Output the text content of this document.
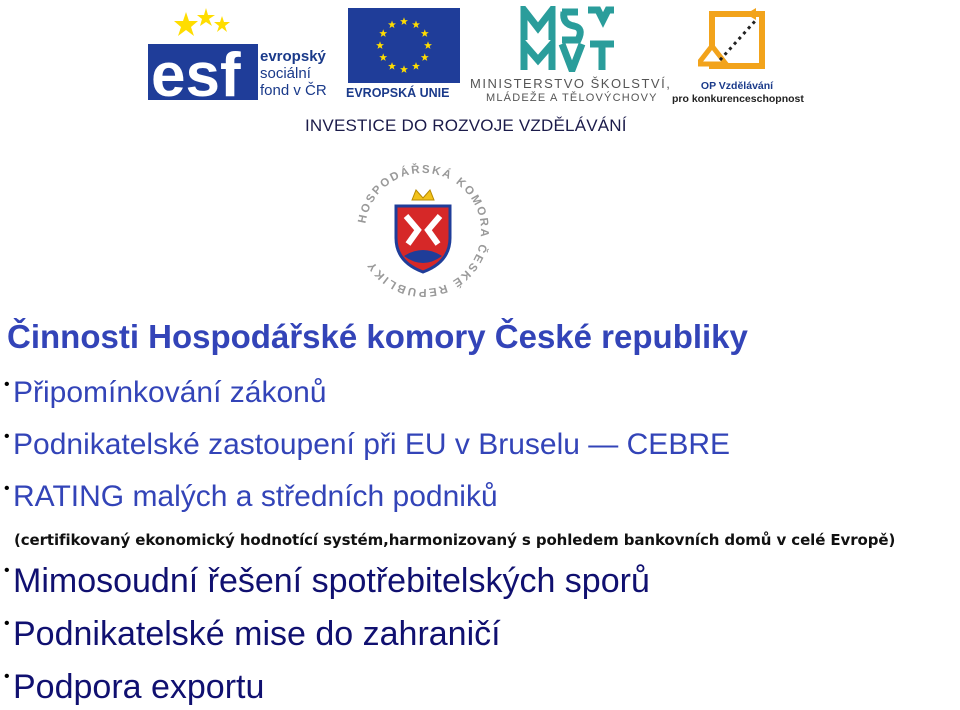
esf evropský
sociální
fond v ČR EVROPSKÁ UNIE
MINISTERSTVO ŠKOLSTVÍ,
MLÁDEŽE A TĚLOVÝCHOVY
OP Vzdělávání
pro konkurenceschopnost
INVESTICE DO ROZVOJE VZDĚLÁVÁNÍ
HOSPODÁŘSKÁ KOMORA ČESKÉ REPUBLIKY
Činnosti Hospodářské komory České republiky
• Připomínkování zákonů
• Podnikatelské zastoupení při EU v Bruselu — CEBRE
• RATING malých a středních podniků
•Mimosoudní řešení spotřebitelských sporů
•Podnikatelské mise do zahraničí
•Podpora exportu
(certifikovaný ekonomický hodnotící systém,harmonizovaný s pohledem bankovních domů v celé Evropě)
